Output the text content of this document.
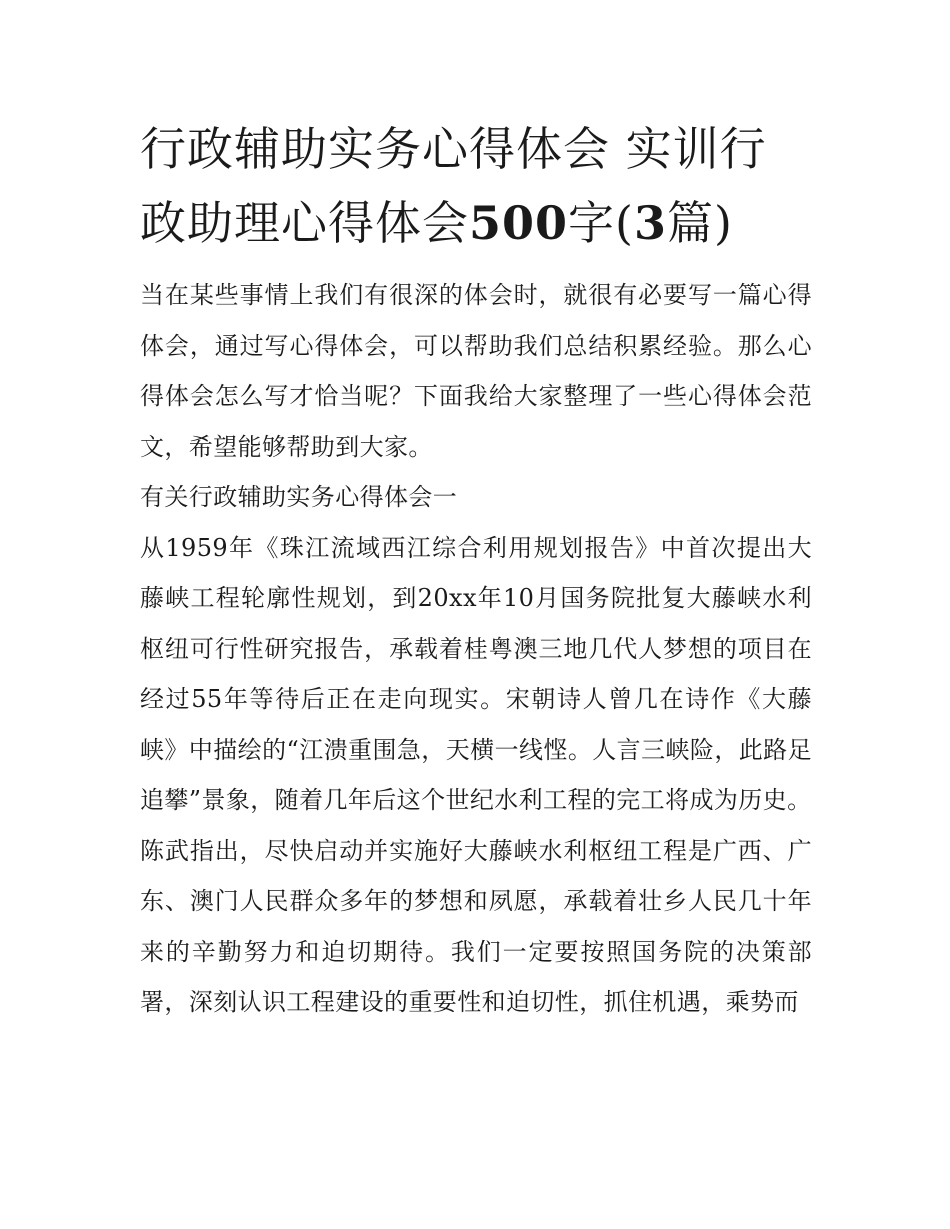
行政辅助实务心得体会 实训行政助理心得体会500字(3篇)

当在某些事情上我们有很深的体会时，就很有必要写一篇心得体会，通过写心得体会，可以帮助我们总结积累经验。那么心得体会怎么写才恰当呢？下面我给大家整理了一些心得体会范文，希望能够帮助到大家。

有关行政辅助实务心得体会一

从1959年《珠江流域西江综合利用规划报告》中首次提出大藤峡工程轮廓性规划，到20xx年10月国务院批复大藤峡水利枢纽可行性研究报告，承载着桂粤澳三地几代人梦想的项目在经过55年等待后正在走向现实。宋朝诗人曾几在诗作《大藤峡》中描绘的“江溃重围急，天横一线悭。人言三峡险，此路足追攀”景象，随着几年后这个世纪水利工程的完工将成为历史。

陈武指出，尽快启动并实施好大藤峡水利枢纽工程是广西、广东、澳门人民群众多年的梦想和夙愿，承载着壮乡人民几十年来的辛勤努力和迫切期待。我们一定要按照国务院的决策部署，深刻认识工程建设的重要性和迫切性，抓住机遇，乘势而
